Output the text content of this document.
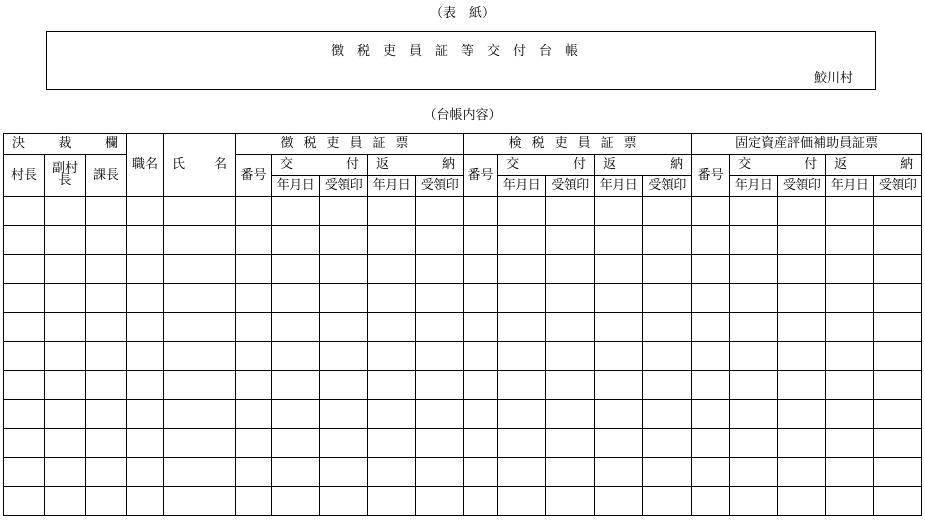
（表　紙）
徴税吏員証等交付台帳
鮫川村
（台帳内容）
決 裁 欄			職名	氏 名	徴税吏員証票					検税吏員証票					固定資産評価補助員証票				
村長	副村長	課長			番号	交 付		返 納		番号	交 付		返 納		番号	交 付		返 納	

						年月日	受領印	年月日	受領印		年月日	受領印	年月日	受領印		年月日	受領印	年月日	受領印
